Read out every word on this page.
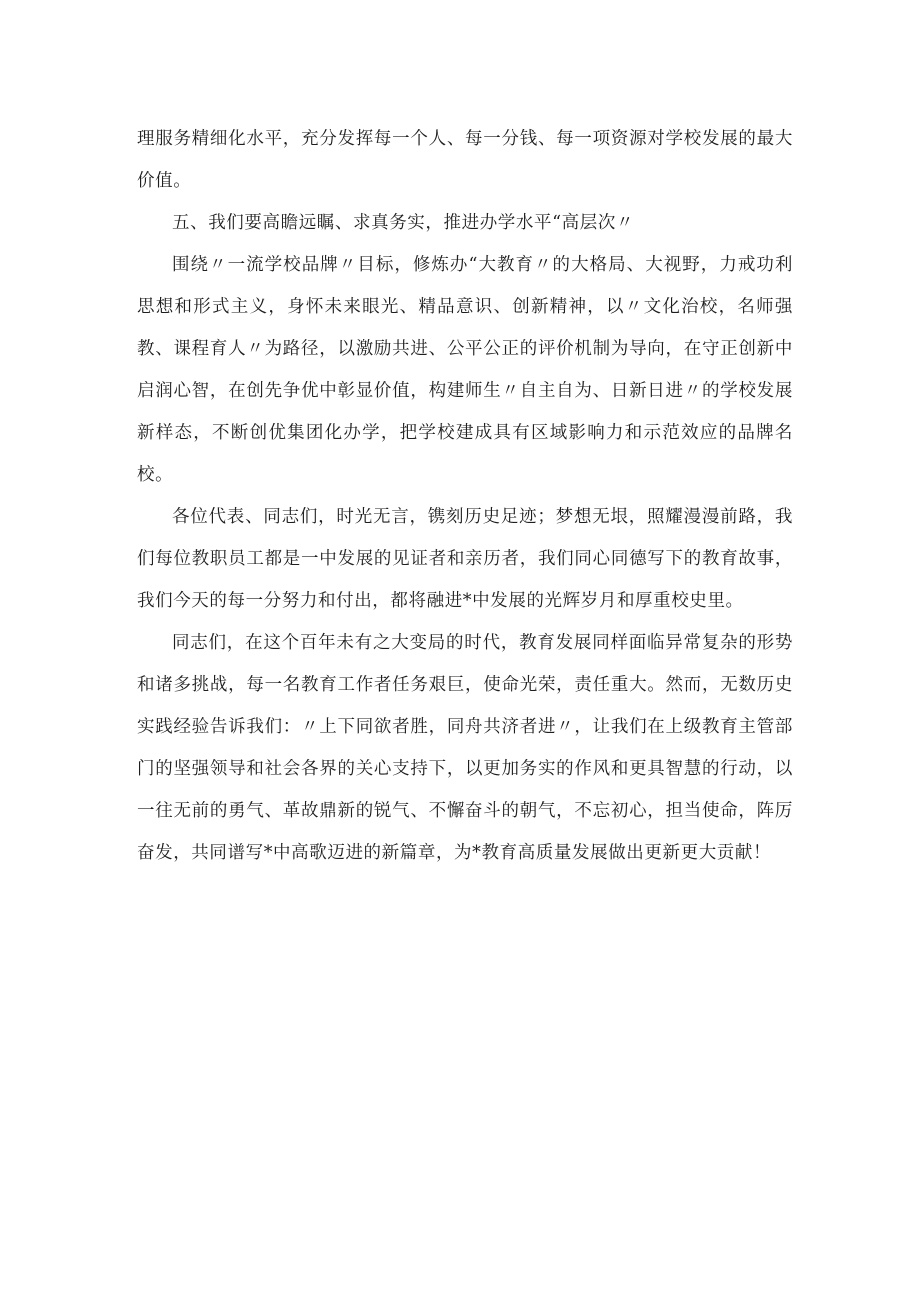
理服务精细化水平，充分发挥每一个人、每一分钱、每一项资源对学校发展的最大价值。

五、我们要高瞻远瞩、求真务实，推进办学水平“高层次〃

围绕〃一流学校品牌〃目标，修炼办“大教育〃的大格局、大视野，力戒功利思想和形式主义，身怀未来眼光、精品意识、创新精神，以〃文化治校，名师强教、课程育人〃为路径，以激励共进、公平公正的评价机制为导向，在守正创新中启润心智，在创先争优中彰显价值，构建师生〃自主自为、日新日进〃的学校发展新样态，不断创优集团化办学，把学校建成具有区域影响力和示范效应的品牌名校。

各位代表、同志们，时光无言，镌刻历史足迹；梦想无垠，照耀漫漫前路，我们每位教职员工都是一中发展的见证者和亲历者，我们同心同德写下的教育故事，我们今天的每一分努力和付出，都将融进*中发展的光辉岁月和厚重校史里。

同志们，在这个百年未有之大变局的时代，教育发展同样面临异常复杂的形势和诸多挑战，每一名教育工作者任务艰巨，使命光荣，责任重大。然而，无数历史实践经验告诉我们：〃上下同欲者胜，同舟共济者进〃，让我们在上级教育主管部门的坚强领导和社会各界的关心支持下，以更加务实的作风和更具智慧的行动，以一往无前的勇气、革故鼎新的锐气、不懈奋斗的朝气，不忘初心，担当使命，阵厉奋发，共同谱写*中高歌迈进的新篇章，为*教育高质量发展做出更新更大贡献！
